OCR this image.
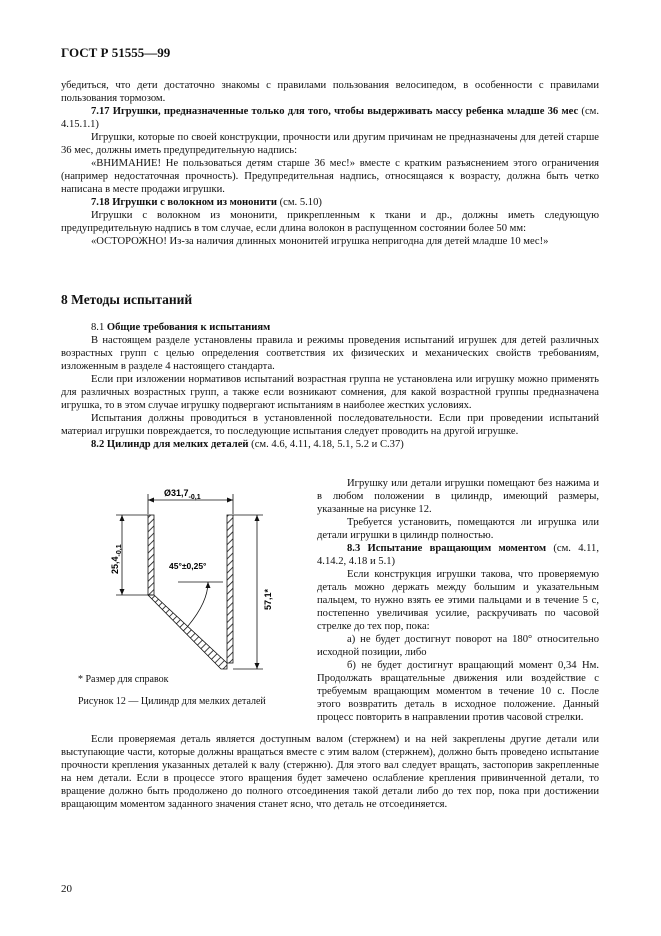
ГОСТ Р 51555—99

убедиться, что дети достаточно знакомы с правилами пользования велосипедом, в особенности с правилами пользования тормозом.

7.17 Игрушки, предназначенные только для того, чтобы выдерживать массу ребенка младше 36 мес (см. 4.15.1.1)

Игрушки, которые по своей конструкции, прочности или другим причинам не предназначены для детей старше 36 мес, должны иметь предупредительную надпись:

«ВНИМАНИЕ! Не пользоваться детям старше 36 мес!» вместе с кратким разъяснением этого ограничения (например недостаточная прочность). Предупредительная надпись, относящаяся к возрасту, должна быть четко написана в месте продажи игрушки.

7.18 Игрушки с волокном из мононити (см. 5.10)

Игрушки с волокном из мононити, прикрепленным к ткани и др., должны иметь следующую предупредительную надпись в том случае, если длина волокон в распущенном состоянии более 50 мм:

«ОСТОРОЖНО! Из-за наличия длинных мононитей игрушка непригодна для детей младше 10 мес!»

8 Методы испытаний

8.1 Общие требования к испытаниям

В настоящем разделе установлены правила и режимы проведения испытаний игрушек для детей различных возрастных групп с целью определения соответствия их физических и механических свойств требованиям, изложенным в разделе 4 настоящего стандарта.

Если при изложении нормативов испытаний возрастная группа не установлена или игрушку можно применять для различных возрастных групп, а также если возникают сомнения, для какой возрастной группы предназначена игрушка, то в этом случае игрушку подвергают испытаниям в наиболее жестких условиях.

Испытания должны проводиться в установленной последовательности. Если при проведении испытаний материал игрушки повреждается, то последующие испытания следует проводить на другой игрушке.

8.2 Цилиндр для мелких деталей (см. 4.6, 4.11, 4.18, 5.1, 5.2 и С.37)

$Ø31,7_{-0,1}$
$25,4_{-0,1}$
57,1*
45°±0,25°
* Размер для справок
Рисунок 12 — Цилиндр для мелких деталей

Игрушку или детали игрушки помещают без нажима и в любом положении в цилиндр, имеющий размеры, указанные на рисунке 12.

Требуется установить, помещаются ли игрушка или детали игрушки в цилиндр полностью.

8.3 Испытание вращающим моментом (см. 4.11, 4.14.2, 4.18 и 5.1)

Если конструкция игрушки такова, что проверяемую деталь можно держать между большим и указательным пальцем, то нужно взять ее этими пальцами и в течение 5 с, постепенно увеличивая усилие, раскручивать по часовой стрелке до тех пор, пока:

а) не будет достигнут поворот на 180° относительно исходной позиции, либо

б) не будет достигнут вращающий момент 0,34 Нм. Продолжать вращательные движения или воздействие с требуемым вращающим моментом в течение 10 с. После этого возвратить деталь в исходное положение. Данный процесс повторить в направлении против часовой стрелки.

Если проверяемая деталь является доступным валом (стержнем) и на ней закреплены другие детали или выступающие части, которые должны вращаться вместе с этим валом (стержнем), должно быть проведено испытание прочности крепления указанных деталей к валу (стержню). Для этого вал следует вращать, застопорив закрепленные на нем детали. Если в процессе этого вращения будет замечено ослабление крепления привинченной детали, то вращение должно быть продолжено до полного отсоединения такой детали либо до тех пор, пока при достижении вращающим моментом заданного значения станет ясно, что деталь не отсоединяется.

20
